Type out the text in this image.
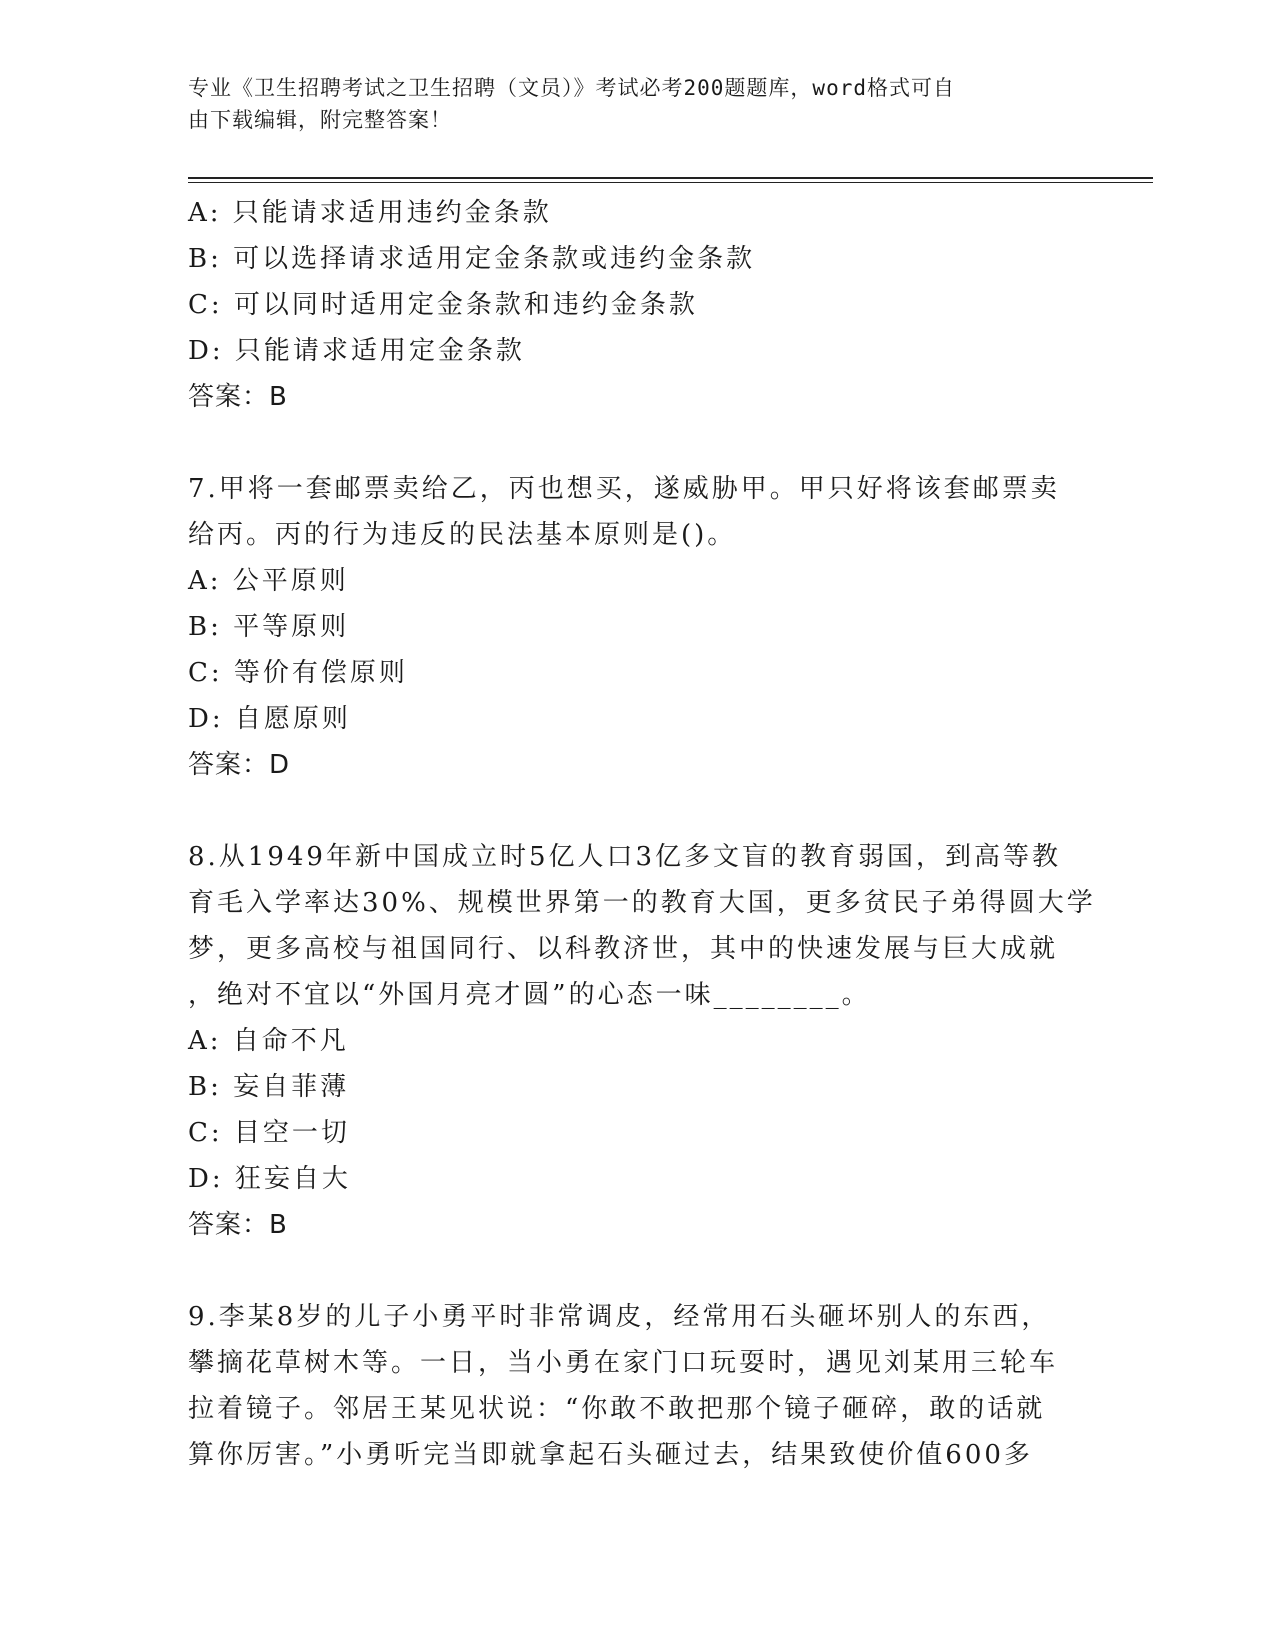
专业《卫生招聘考试之卫生招聘（文员）》考试必考200题题库，word格式可自
由下载编辑，附完整答案！
A: 只能请求适用违约金条款
B: 可以选择请求适用定金条款或违约金条款
C: 可以同时适用定金条款和违约金条款
D: 只能请求适用定金条款
答案：B
7.甲将一套邮票卖给乙，丙也想买，遂威胁甲。甲只好将该套邮票卖
给丙。丙的行为违反的民法基本原则是()。
A: 公平原则
B: 平等原则
C: 等价有偿原则
D: 自愿原则
答案：D
8.从1949年新中国成立时5亿人口3亿多文盲的教育弱国，到高等教
育毛入学率达30%、规模世界第一的教育大国，更多贫民子弟得圆大学
梦，更多高校与祖国同行、以科教济世，其中的快速发展与巨大成就
，绝对不宜以“外国月亮才圆”的心态一味________。
A: 自命不凡
B: 妄自菲薄
C: 目空一切
D: 狂妄自大
答案：B
9.李某8岁的儿子小勇平时非常调皮，经常用石头砸坏别人的东西，
攀摘花草树木等。一日，当小勇在家门口玩耍时，遇见刘某用三轮车
拉着镜子。邻居王某见状说：“你敢不敢把那个镜子砸碎，敢的话就
算你厉害。”小勇听完当即就拿起石头砸过去，结果致使价值600多
